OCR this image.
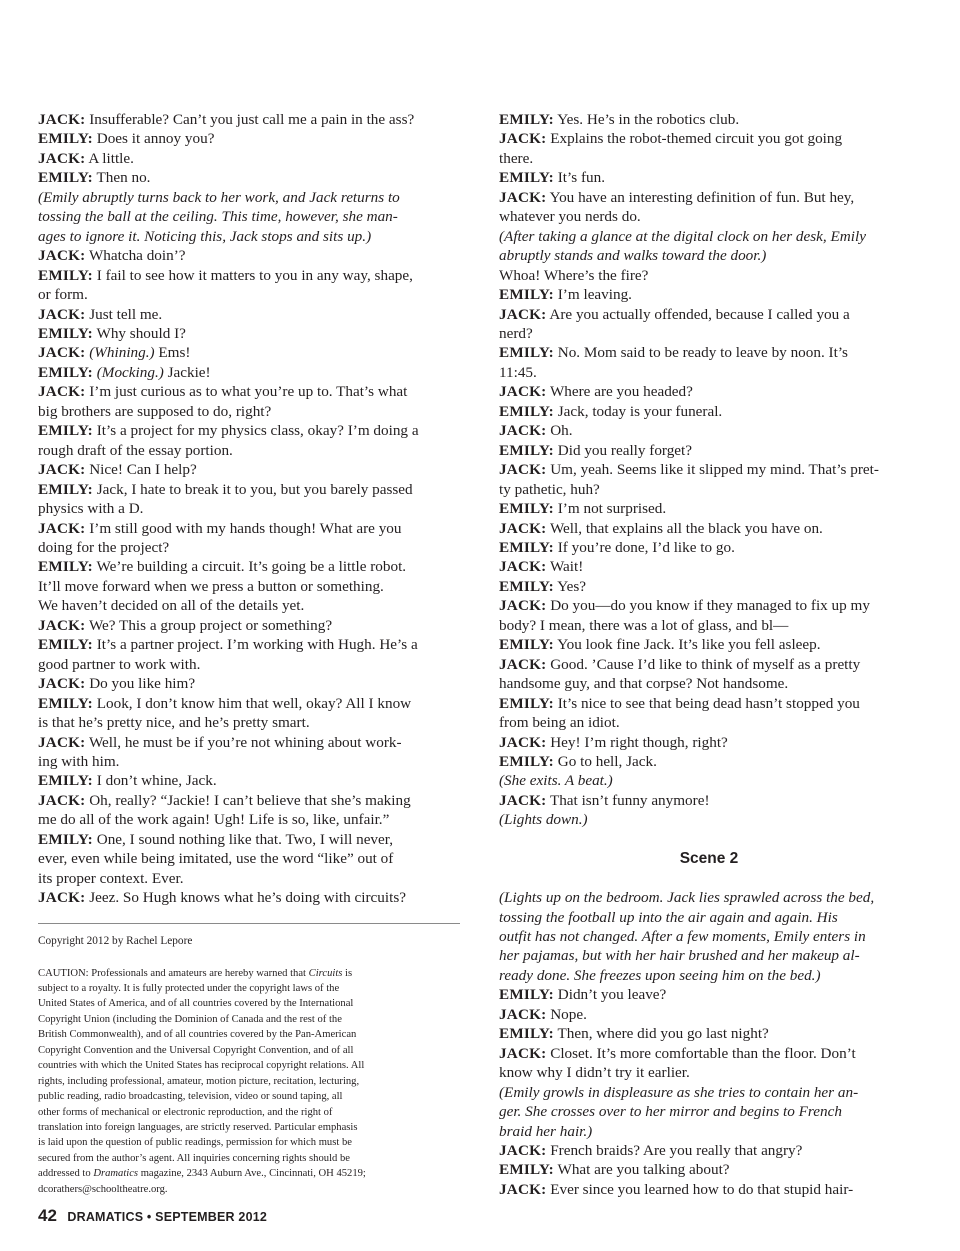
JACK: Insufferable? Can’t you just call me a pain in the ass?
EMILY: Does it annoy you?
JACK: A little.
EMILY: Then no.
(Emily abruptly turns back to her work, and Jack returns to
tossing the ball at the ceiling. This time, however, she man-
ages to ignore it. Noticing this, Jack stops and sits up.)
JACK: Whatcha doin’?
EMILY: I fail to see how it matters to you in any way, shape,
or form.
JACK: Just tell me.
EMILY: Why should I?
JACK: (Whining.) Ems!
EMILY: (Mocking.) Jackie!
JACK: I’m just curious as to what you’re up to. That’s what
big brothers are supposed to do, right?
EMILY: It’s a project for my physics class, okay? I’m doing a
rough draft of the essay portion.
JACK: Nice! Can I help?
EMILY: Jack, I hate to break it to you, but you barely passed
physics with a D.
JACK: I’m still good with my hands though! What are you
doing for the project?
EMILY: We’re building a circuit. It’s going be a little robot.
It’ll move forward when we press a button or something.
We haven’t decided on all of the details yet.
JACK: We? This a group project or something?
EMILY: It’s a partner project. I’m working with Hugh. He’s a
good partner to work with.
JACK: Do you like him?
EMILY: Look, I don’t know him that well, okay? All I know
is that he’s pretty nice, and he’s pretty smart.
JACK: Well, he must be if you’re not whining about work-
ing with him.
EMILY: I don’t whine, Jack.
JACK: Oh, really? “Jackie! I can’t believe that she’s making
me do all of the work again! Ugh! Life is so, like, unfair.”
EMILY: One, I sound nothing like that. Two, I will never,
ever, even while being imitated, use the word “like” out of
its proper context. Ever.
JACK: Jeez. So Hugh knows what he’s doing with circuits?
EMILY: Yes. He’s in the robotics club.
JACK: Explains the robot-themed circuit you got going
there.
EMILY: It’s fun.
JACK: You have an interesting definition of fun. But hey,
whatever you nerds do.
(After taking a glance at the digital clock on her desk, Emily
abruptly stands and walks toward the door.)
Whoa! Where’s the fire?
EMILY: I’m leaving.
JACK: Are you actually offended, because I called you a
nerd?
EMILY: No. Mom said to be ready to leave by noon. It’s
11:45.
JACK: Where are you headed?
EMILY: Jack, today is your funeral.
JACK: Oh.
EMILY: Did you really forget?
JACK: Um, yeah. Seems like it slipped my mind. That’s pret-
ty pathetic, huh?
EMILY: I’m not surprised.
JACK: Well, that explains all the black you have on.
EMILY: If you’re done, I’d like to go.
JACK: Wait!
EMILY: Yes?
JACK: Do you—do you know if they managed to fix up my
body? I mean, there was a lot of glass, and bl—
EMILY: You look fine Jack. It’s like you fell asleep.
JACK: Good. ’Cause I’d like to think of myself as a pretty
handsome guy, and that corpse? Not handsome.
EMILY: It’s nice to see that being dead hasn’t stopped you
from being an idiot.
JACK: Hey! I’m right though, right?
EMILY: Go to hell, Jack.
(She exits. A beat.)
JACK: That isn’t funny anymore!
(Lights down.)
Scene 2
(Lights up on the bedroom. Jack lies sprawled across the bed,
tossing the football up into the air again and again. His
outfit has not changed. After a few moments, Emily enters in
her pajamas, but with her hair brushed and her makeup al-
ready done. She freezes upon seeing him on the bed.)
EMILY: Didn’t you leave?
JACK: Nope.
EMILY: Then, where did you go last night?
JACK: Closet. It’s more comfortable than the floor. Don’t
know why I didn’t try it earlier.
(Emily growls in displeasure as she tries to contain her an-
ger. She crosses over to her mirror and begins to French
braid her hair.)
JACK: French braids? Are you really that angry?
EMILY: What are you talking about?
JACK: Ever since you learned how to do that stupid hair-
Copyright 2012 by Rachel Lepore
CAUTION: Professionals and amateurs are hereby warned that Circuits is
subject to a royalty. It is fully protected under the copyright laws of the
United States of America, and of all countries covered by the International
Copyright Union (including the Dominion of Canada and the rest of the
British Commonwealth), and of all countries covered by the Pan-American
Copyright Convention and the Universal Copyright Convention, and of all
countries with which the United States has reciprocal copyright relations. All
rights, including professional, amateur, motion picture, recitation, lecturing,
public reading, radio broadcasting, television, video or sound taping, all
other forms of mechanical or electronic reproduction, and the right of
translation into foreign languages, are strictly reserved. Particular emphasis
is laid upon the question of public readings, permission for which must be
secured from the author’s agent. All inquiries concerning rights should be
addressed to Dramatics magazine, 2343 Auburn Ave., Cincinnati, OH 45219;
dcorathers@schooltheatre.org.
42 DRAMATICS • SEPTEMBER 2012
